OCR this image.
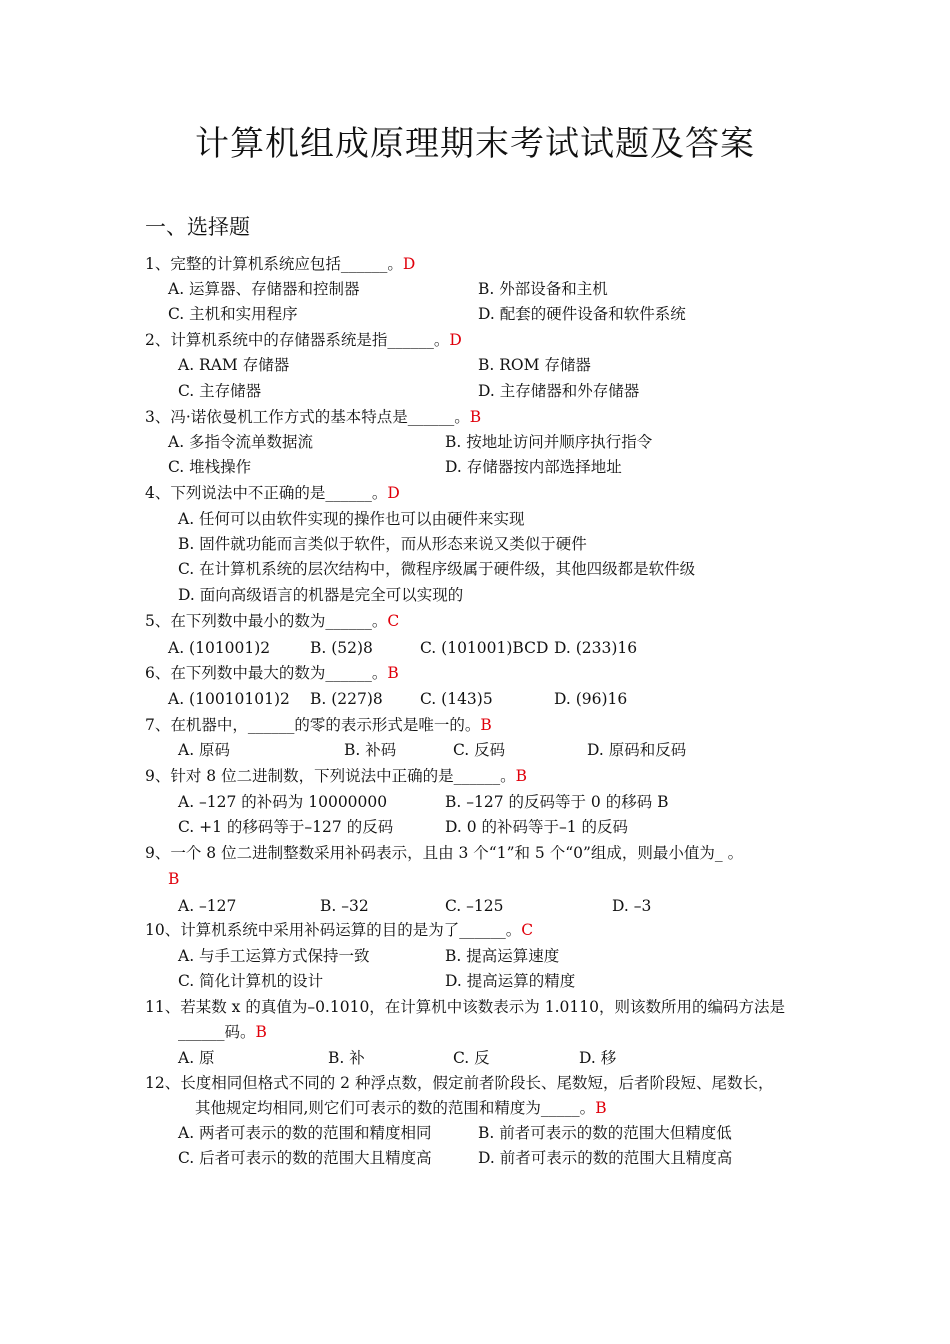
计算机组成原理期末考试试题及答案
一、选择题
1、完整的计算机系统应包括______。D
A. 运算器、存储器和控制器	B. 外部设备和主机
C. 主机和实用程序	D. 配套的硬件设备和软件系统
2、计算机系统中的存储器系统是指______。D
A. RAM 存储器	B. ROM 存储器
C. 主存储器	D. 主存储器和外存储器
3、冯·诺依曼机工作方式的基本特点是______。B
A. 多指令流单数据流	B. 按地址访问并顺序执行指令
C. 堆栈操作	D. 存储器按内部选择地址
4、下列说法中不正确的是______。D
A. 任何可以由软件实现的操作也可以由硬件来实现
B. 固件就功能而言类似于软件，而从形态来说又类似于硬件
C. 在计算机系统的层次结构中，微程序级属于硬件级，其他四级都是软件级
D. 面向高级语言的机器是完全可以实现的
5、在下列数中最小的数为______。C
A. (101001)2	B. (52)8	C. (101001)BCD D. (233)16
6、在下列数中最大的数为______。B
A. (10010101)2 B. (227)8 C. (143)5	D. (96)16
7、在机器中，______的零的表示形式是唯一的。B
A. 原码	B. 补码	C. 反码	D. 原码和反码
9、针对 8 位二进制数，下列说法中正确的是______。B
A. –127 的补码为 10000000	B. –127 的反码等于 0 的移码 B
C. +1 的移码等于–127 的反码	D. 0 的补码等于–1 的反码
9、一个 8 位二进制整数采用补码表示，且由 3 个“1”和 5 个“0”组成，则最小值为_ 。
B
A. –127	B. –32	C. –125	D. –3
10、计算机系统中采用补码运算的目的是为了______。C
A. 与手工运算方式保持一致	B. 提高运算速度
C. 简化计算机的设计	D. 提高运算的精度
11、若某数 x 的真值为–0.1010，在计算机中该数表示为 1.0110，则该数所用的编码方法是
______码。B
A. 原	B. 补	C. 反	D. 移
12、长度相同但格式不同的 2 种浮点数，假定前者阶段长、尾数短，后者阶段短、尾数长，
其他规定均相同,则它们可表示的数的范围和精度为_____。B
A. 两者可表示的数的范围和精度相同	B. 前者可表示的数的范围大但精度低
C. 后者可表示的数的范围大且精度高	D. 前者可表示的数的范围大且精度高
